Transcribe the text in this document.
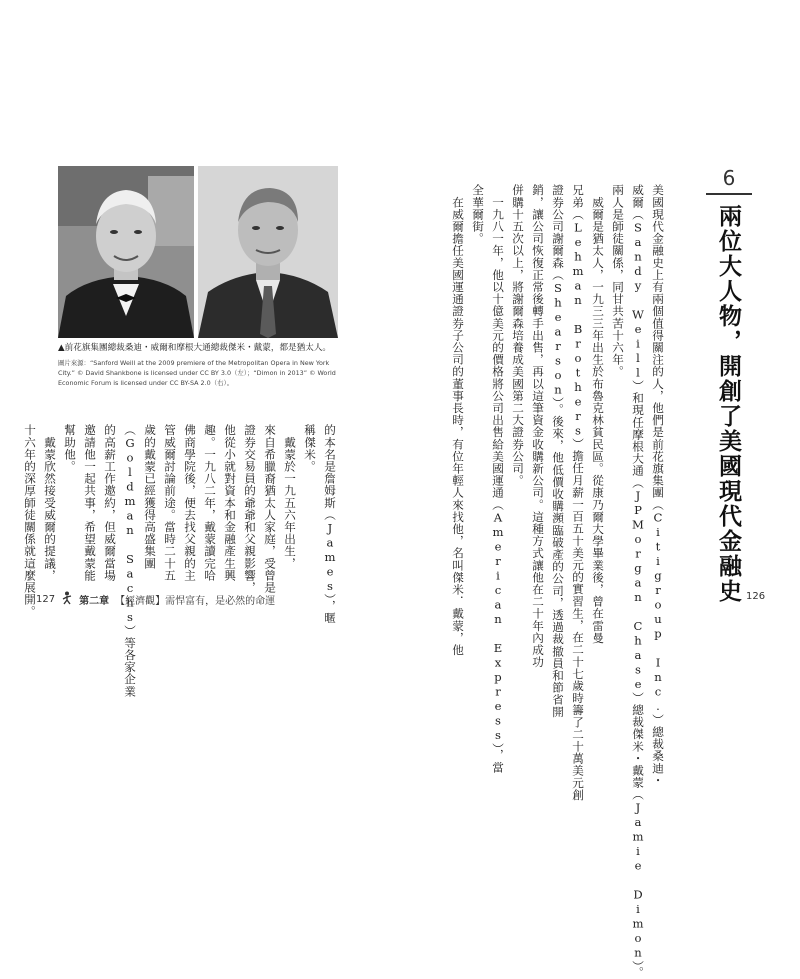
6
兩位大人物，開創了美國現代金融史
美國現代金融史上有兩個值得關注的人，他們是前花旗集團（Citigroup Inc.）總裁桑迪・
威爾（Sandy Weill）和現任摩根大通（JPMorgan Chase）總裁傑米・戴蒙（Jamie Dimon）。
兩人是師徒關係，同甘共苦十六年。
　威爾是猶太人，一九三三年出生於布魯克林貧民區。從康乃爾大學畢業後，曾在雷曼
兄弟（Lehman Brothers）擔任月薪一百五十美元的實習生，在二十七歲時籌了二十萬美元創
證券公司謝爾森（Shearson）。後來，他低價收購瀕臨破產的公司，透過裁撤員和節省開
銷，讓公司恢復正常後轉手出售，再以這筆資金收購新公司。這種方式讓他在二十年內成功
併購十五次以上，將謝爾森培養成美國第二大證券公司。
　一九八一年，他以十億美元的價格將公司出售給美國運通（American Express），當
全華爾街。
　在威爾擔任美國運通證券子公司的董事長時，有位年輕人來找他，名叫傑米．戴蒙，他
▲前花旗集團總裁桑迪・威爾和摩根大通總裁傑米・戴蒙，都是猶太人。
圖片來源：“Sanford Weill at the 2009 premiere of the Metropolitan Opera in New York City.” © David Shankbone is licensed under CC BY 3.0（左）；“Dimon in 2013” © World Economic Forum is licensed under CC BY-SA 2.0（右）。
的本名是詹姆斯（James），暱
稱傑米。
　戴蒙於一九五六年出生，
來自希臘裔猶太人家庭，受曾是
證券交易員的爺爺和父親影響，
他從小就對資本和金融產生興
趣。一九八二年，戴蒙讀完哈
佛商學院後，便去找父親的主
管威爾討論前途。當時二十五
歲的戴蒙已經獲得高盛集團
（Goldman Sachs）等各家企業
的高薪工作邀約，但威爾當場
邀請他一起共事，希望戴蒙能
幫助他。
　戴蒙欣然接受威爾的提議，
十六年的深厚師徒關係就這麼展開。 127 第二章 【經濟觀】需悍富有，是必然的命運	126
